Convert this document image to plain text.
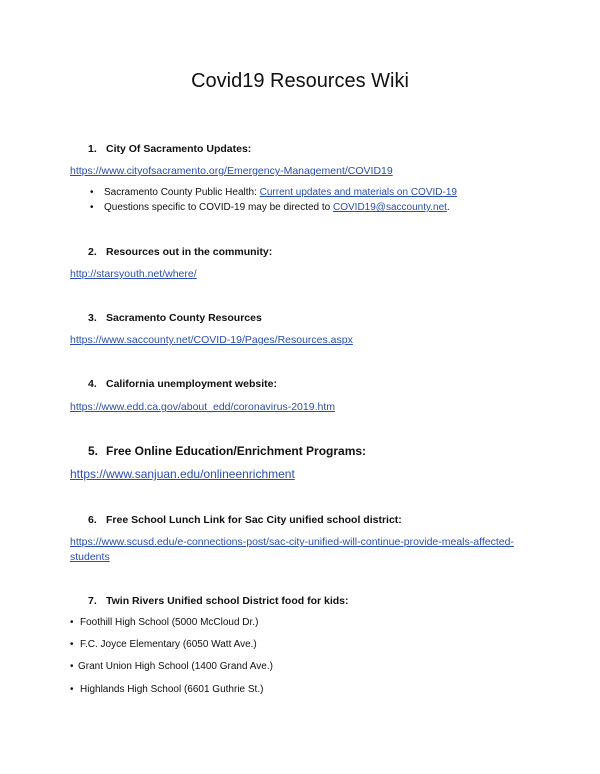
Covid19 Resources Wiki
1. City Of Sacramento Updates:
https://www.cityofsacramento.org/Emergency-Management/COVID19
• Sacramento County Public Health: Current updates and materials on COVID-19
• Questions specific to COVID-19 may be directed to COVID19@saccounty.net.
2. Resources out in the community:
http://starsyouth.net/where/
3. Sacramento County Resources
https://www.saccounty.net/COVID-19/Pages/Resources.aspx
4. California unemployment website:
https://www.edd.ca.gov/about_edd/coronavirus-2019.htm
5. Free Online Education/Enrichment Programs:
https://www.sanjuan.edu/onlineenrichment
6. Free School Lunch Link for Sac City unified school district:
https://www.scusd.edu/e-connections-post/sac-city-unified-will-continue-provide-meals-affected-students
7. Twin Rivers Unified school District food for kids:
• Foothill High School (5000 McCloud Dr.)
• F.C. Joyce Elementary (6050 Watt Ave.)
• Grant Union High School (1400 Grand Ave.)
• Highlands High School (6601 Guthrie St.)
